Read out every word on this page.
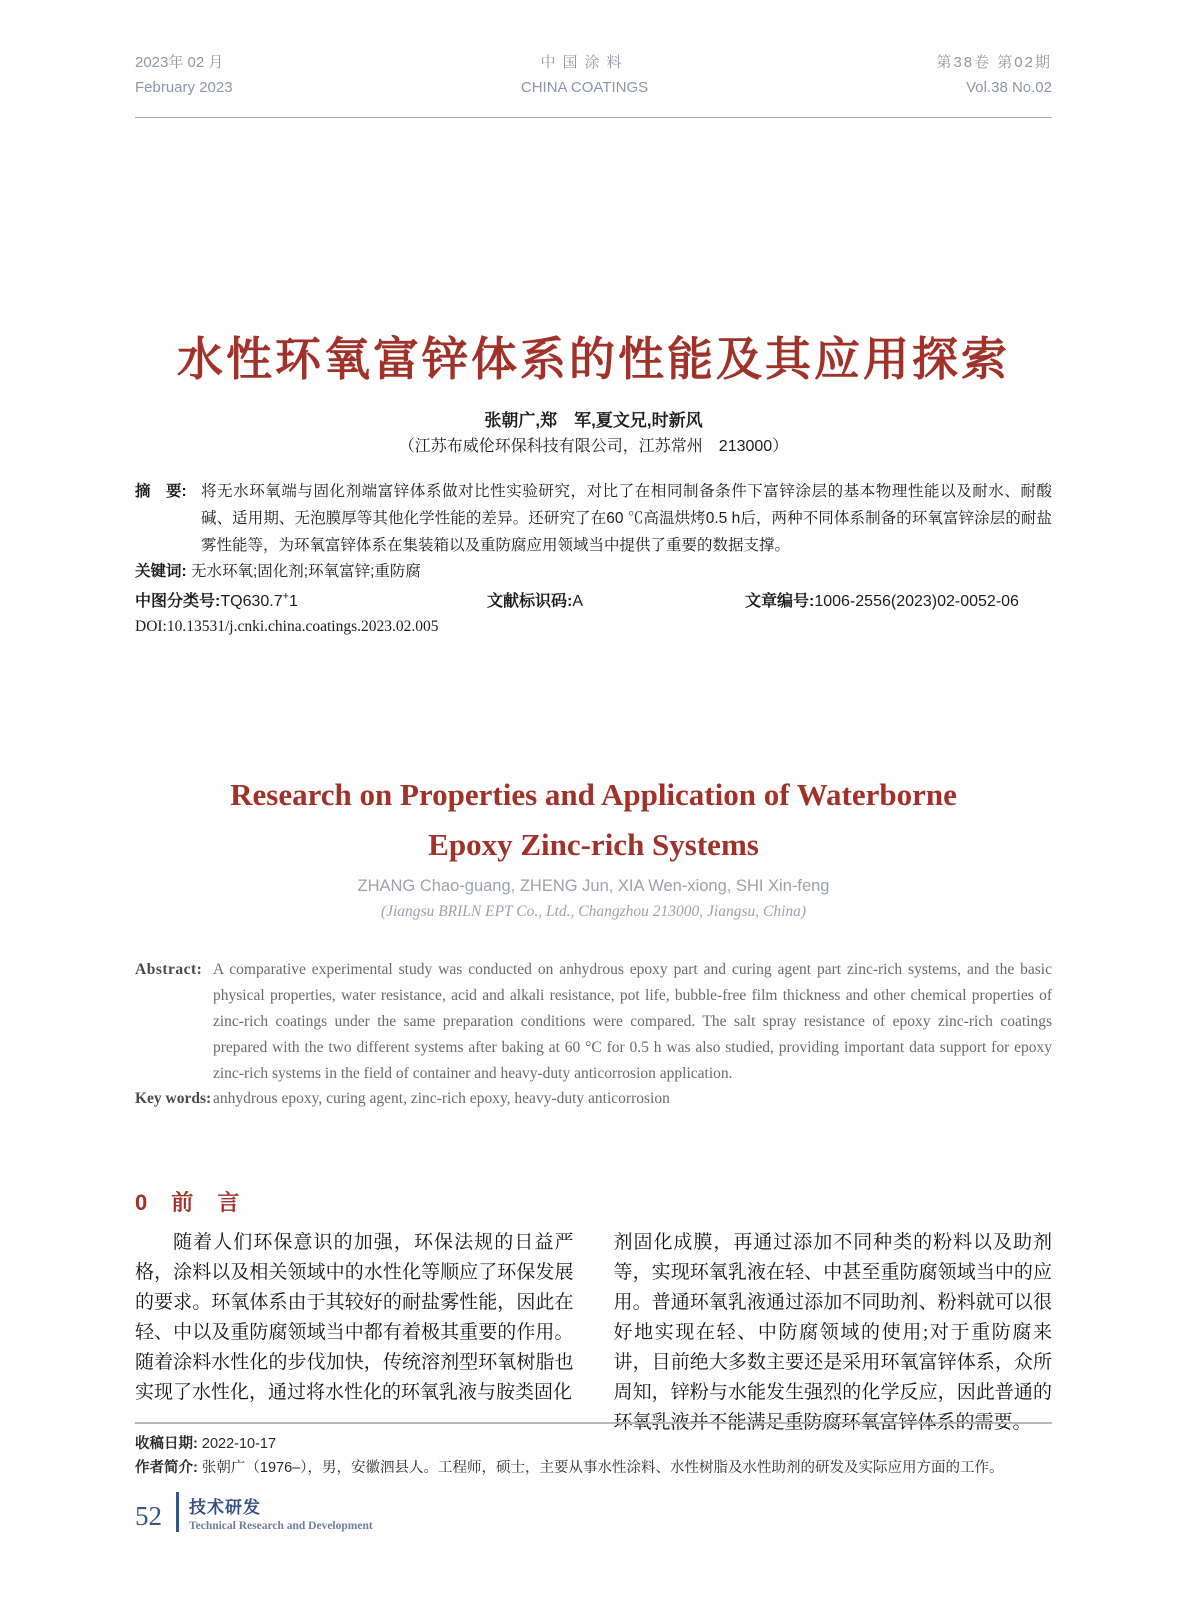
2023年 02 月
February 2023
中国涂料
CHINA COATINGS
第38卷 第02期
Vol.38 No.02
水性环氧富锌体系的性能及其应用探索
张朝广,郑　军,夏文兄,时新风
（江苏布威伦环保科技有限公司，江苏常州　213000）
摘　要: 将无水环氧端与固化剂端富锌体系做对比性实验研究，对比了在相同制备条件下富锌涂层的基本物理性能以及耐水、耐酸碱、适用期、无泡膜厚等其他化学性能的差异。还研究了在60 ℃高温烘烤0.5 h后，两种不同体系制备的环氧富锌涂层的耐盐雾性能等，为环氧富锌体系在集装箱以及重防腐应用领域当中提供了重要的数据支撑。
关键词: 无水环氧;固化剂;环氧富锌;重防腐
中图分类号:TQ630.7+1	文献标识码:A	文章编号:1006-2556(2023)02-0052-06
DOI:10.13531/j.cnki.china.coatings.2023.02.005
Research on Properties and Application of Waterborne
Epoxy Zinc-rich Systems
ZHANG Chao-guang, ZHENG Jun, XIA Wen-xiong, SHI Xin-feng
(Jiangsu BRILN EPT Co., Ltd., Changzhou 213000, Jiangsu, China)
Abstract: A comparative experimental study was conducted on anhydrous epoxy part and curing agent part zinc-rich systems, and the basic physical properties, water resistance, acid and alkali resistance, pot life, bubble-free film thickness and other chemical properties of zinc-rich coatings under the same preparation conditions were compared. The salt spray resistance of epoxy zinc-rich coatings prepared with the two different systems after baking at 60 °C for 0.5 h was also studied, providing important data support for epoxy zinc-rich systems in the field of container and heavy-duty anticorrosion application.
Key words: anhydrous epoxy, curing agent, zinc-rich epoxy, heavy-duty anticorrosion
0　前　言
随着人们环保意识的加强，环保法规的日益严格，涂料以及相关领域中的水性化等顺应了环保发展的要求。环氧体系由于其较好的耐盐雾性能，因此在轻、中以及重防腐领域当中都有着极其重要的作用。随着涂料水性化的步伐加快，传统溶剂型环氧树脂也实现了水性化，通过将水性化的环氧乳液与胺类固化
剂固化成膜，再通过添加不同种类的粉料以及助剂等，实现环氧乳液在轻、中甚至重防腐领域当中的应用。普通环氧乳液通过添加不同助剂、粉料就可以很好地实现在轻、中防腐领域的使用;对于重防腐来讲，目前绝大多数主要还是采用环氧富锌体系，众所周知，锌粉与水能发生强烈的化学反应，因此普通的环氧乳液并不能满足重防腐环氧富锌体系的需要。
收稿日期: 2022-10-17
作者简介: 张朝广（1976–），男，安徽泗县人。工程师，硕士，主要从事水性涂料、水性树脂及水性助剂的研发及实际应用方面的工作。
52 技术研发
Technical Research and Development
